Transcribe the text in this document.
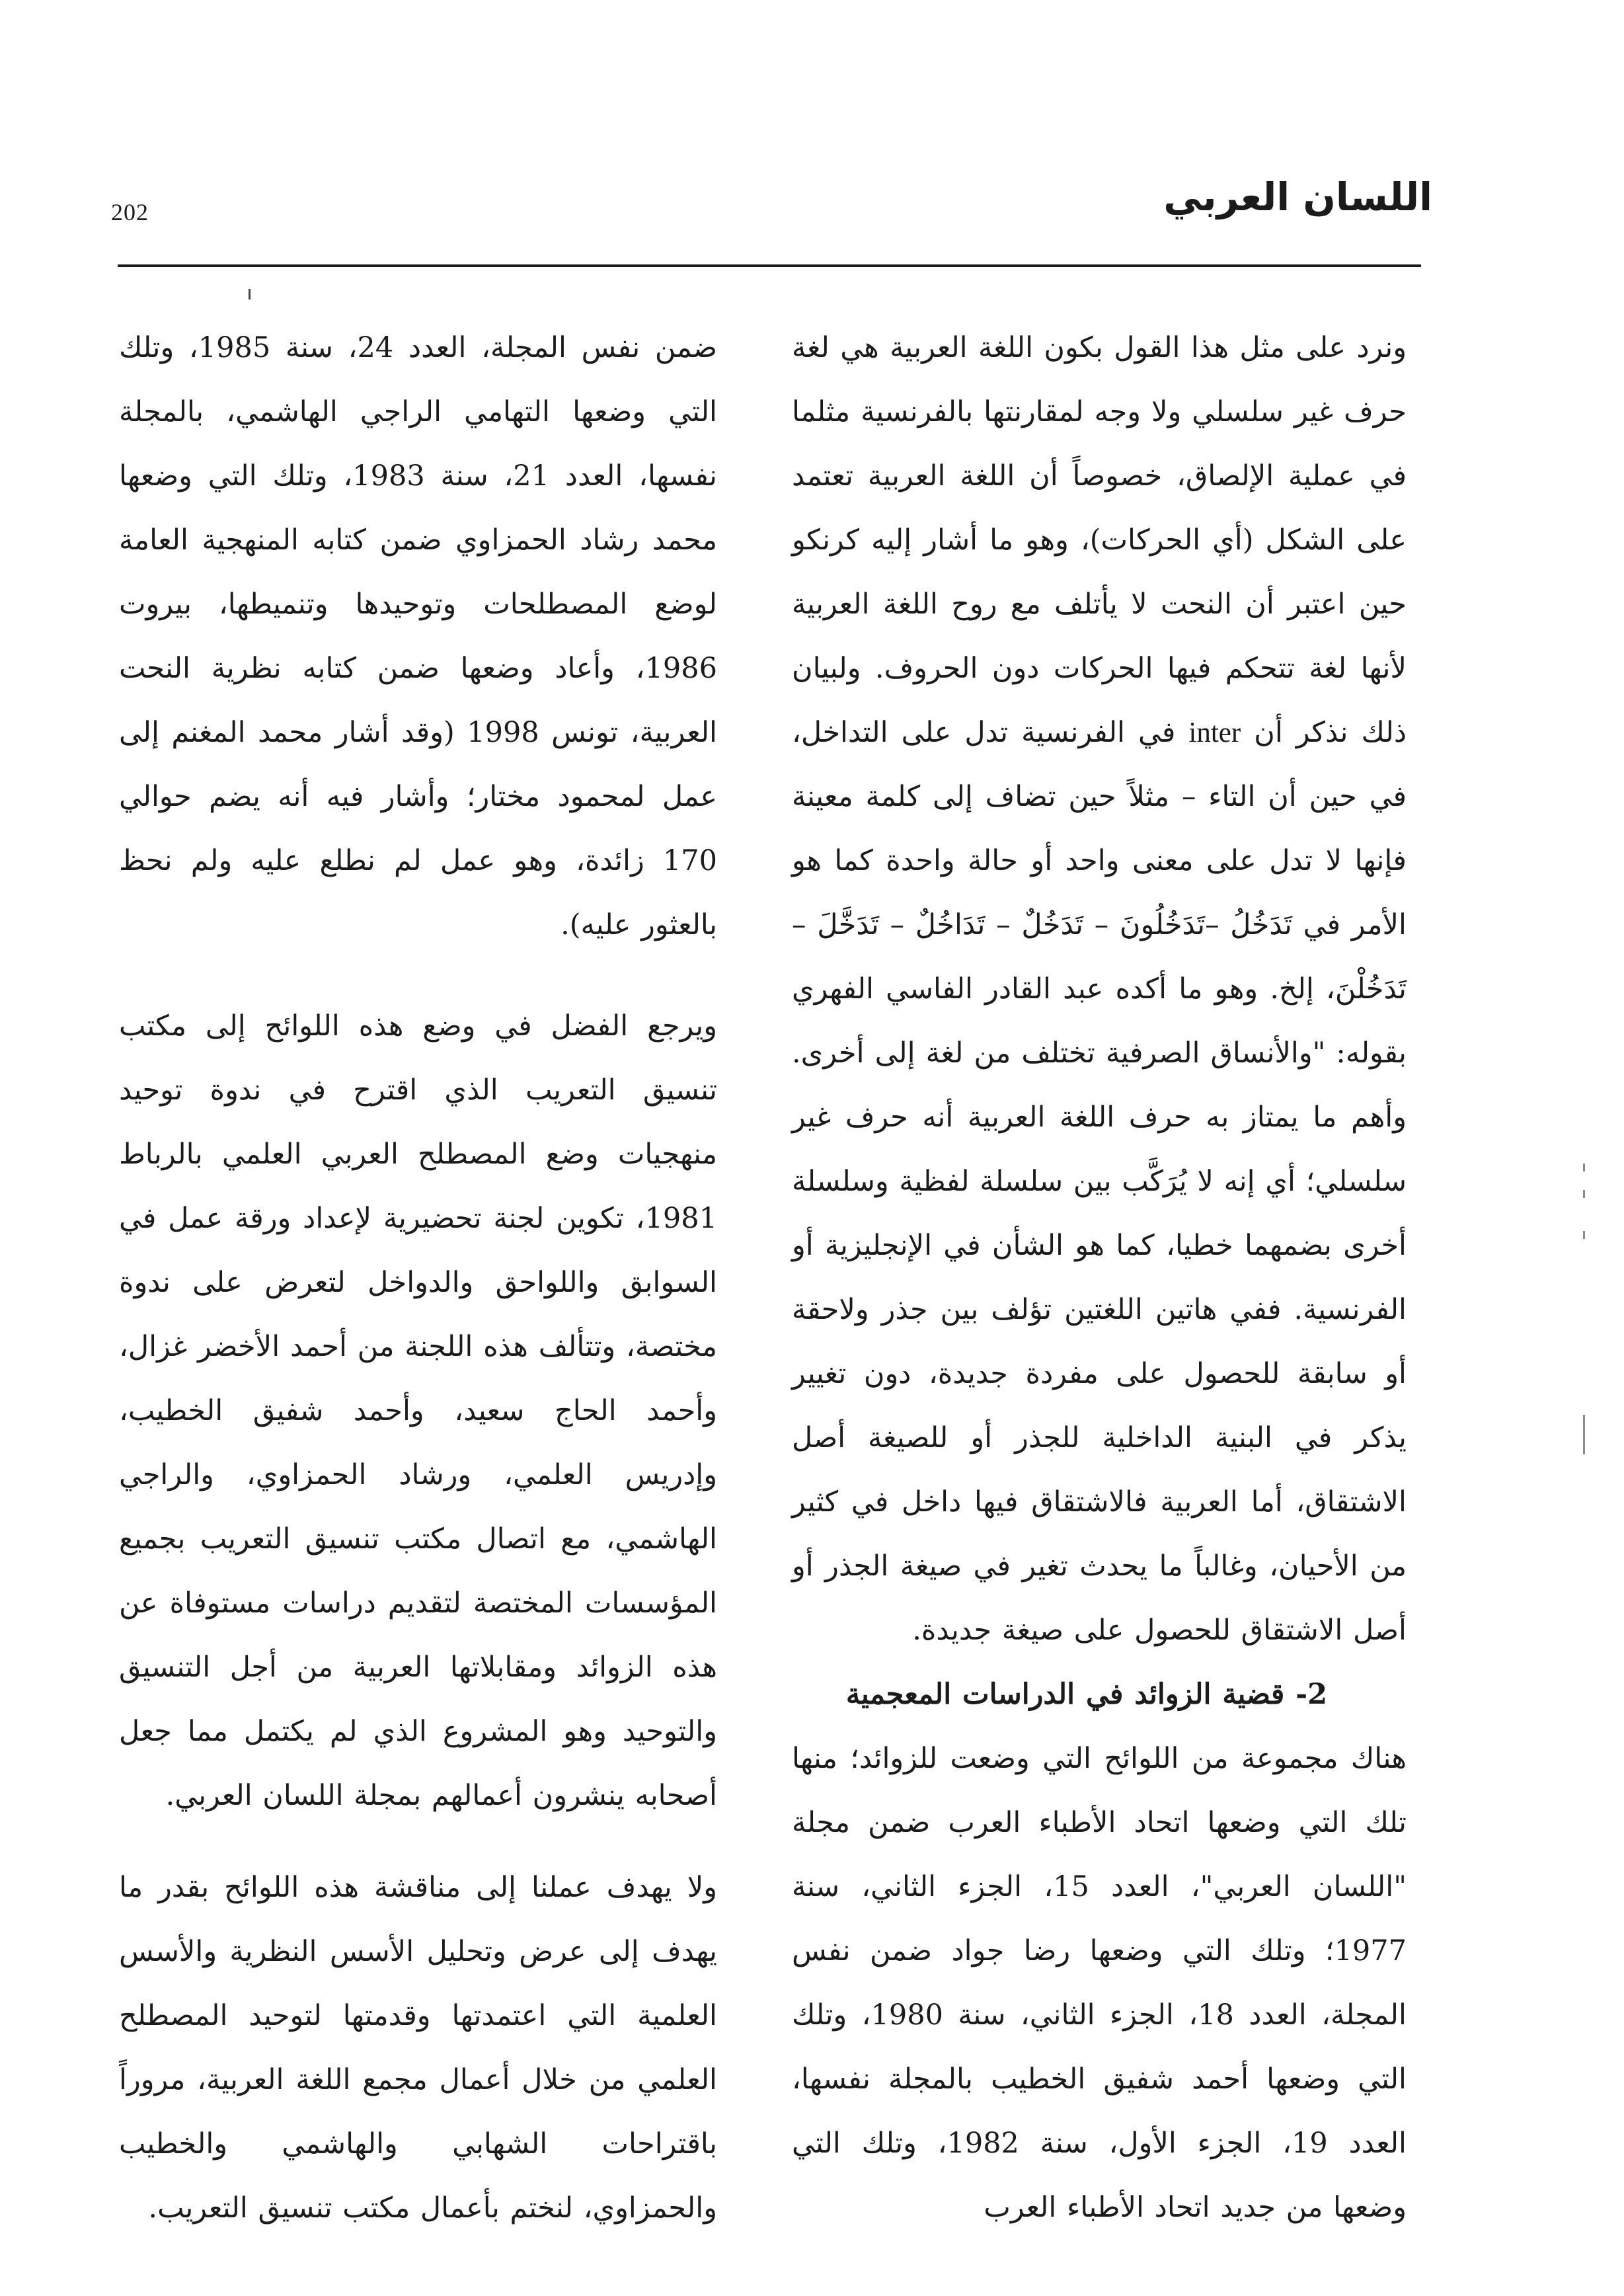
202	اللسان العربي

ونرد على مثل هذا القول بكون اللغة العربية هي لغة حرف غير سلسلي ولا وجه لمقارنتها بالفرنسية مثلما في عملية الإلصاق، خصوصاً أن اللغة العربية تعتمد على الشكل (أي الحركات)، وهو ما أشار إليه كرنكو حين اعتبر أن النحت لا يأتلف مع روح اللغة العربية لأنها لغة تتحكم فيها الحركات دون الحروف. ولبيان ذلك نذكر أن inter في الفرنسية تدل على التداخل، في حين أن التاء – مثلاً حين تضاف إلى كلمة معينة فإنها لا تدل على معنى واحد أو حالة واحدة كما هو الأمر في تَدَخُلُ –تَدَخُلُونَ – تَدَخُلٌ – تَدَاخُلٌ – تَدَخَّلَ – تَدَخُلْنَ، إلخ. وهو ما أكده عبد القادر الفاسي الفهري بقوله: "والأنساق الصرفية تختلف من لغة إلى أخرى. وأهم ما يمتاز به حرف اللغة العربية أنه حرف غير سلسلي؛ أي إنه لا يُرَكَّب بين سلسلة لفظية وسلسلة أخرى بضمهما خطيا، كما هو الشأن في الإنجليزية أو الفرنسية. ففي هاتين اللغتين تؤلف بين جذر ولاحقة أو سابقة للحصول على مفردة جديدة، دون تغيير يذكر في البنية الداخلية للجذر أو للصيغة أصل الاشتقاق، أما العربية فالاشتقاق فيها داخل في كثير من الأحيان، وغالباً ما يحدث تغير في صيغة الجذر أو أصل الاشتقاق للحصول على صيغة جديدة.

2- قضية الزوائد في الدراسات المعجمية

هناك مجموعة من اللوائح التي وضعت للزوائد؛ منها تلك التي وضعها اتحاد الأطباء العرب ضمن مجلة "اللسان العربي"، العدد 15، الجزء الثاني، سنة 1977؛ وتلك التي وضعها رضا جواد ضمن نفس المجلة، العدد 18، الجزء الثاني، سنة 1980، وتلك التي وضعها أحمد شفيق الخطيب بالمجلة نفسها، العدد 19، الجزء الأول، سنة 1982، وتلك التي وضعها من جديد اتحاد الأطباء العرب

ضمن نفس المجلة، العدد 24، سنة 1985، وتلك التي وضعها التهامي الراجي الهاشمي، بالمجلة نفسها، العدد 21، سنة 1983، وتلك التي وضعها محمد رشاد الحمزاوي ضمن كتابه المنهجية العامة لوضع المصطلحات وتوحيدها وتنميطها، بيروت 1986، وأعاد وضعها ضمن كتابه نظرية النحت العربية، تونس 1998 (وقد أشار محمد المغنم إلى عمل لمحمود مختار؛ وأشار فيه أنه يضم حوالي 170 زائدة، وهو عمل لم نطلع عليه ولم نحظ بالعثور عليه).

ويرجع الفضل في وضع هذه اللوائح إلى مكتب تنسيق التعريب الذي اقترح في ندوة توحيد منهجيات وضع المصطلح العربي العلمي بالرباط 1981، تكوين لجنة تحضيرية لإعداد ورقة عمل في السوابق واللواحق والدواخل لتعرض على ندوة مختصة، وتتألف هذه اللجنة من أحمد الأخضر غزال، وأحمد الحاج سعيد، وأحمد شفيق الخطيب، وإدريس العلمي، ورشاد الحمزاوي، والراجي الهاشمي، مع اتصال مكتب تنسيق التعريب بجميع المؤسسات المختصة لتقديم دراسات مستوفاة عن هذه الزوائد ومقابلاتها العربية من أجل التنسيق والتوحيد وهو المشروع الذي لم يكتمل مما جعل أصحابه ينشرون أعمالهم بمجلة اللسان العربي.

ولا يهدف عملنا إلى مناقشة هذه اللوائح بقدر ما يهدف إلى عرض وتحليل الأسس النظرية والأسس العلمية التي اعتمدتها وقدمتها لتوحيد المصطلح العلمي من خلال أعمال مجمع اللغة العربية، مروراً باقتراحات الشهابي والهاشمي والخطيب والحمزاوي، لنختم بأعمال مكتب تنسيق التعريب.
